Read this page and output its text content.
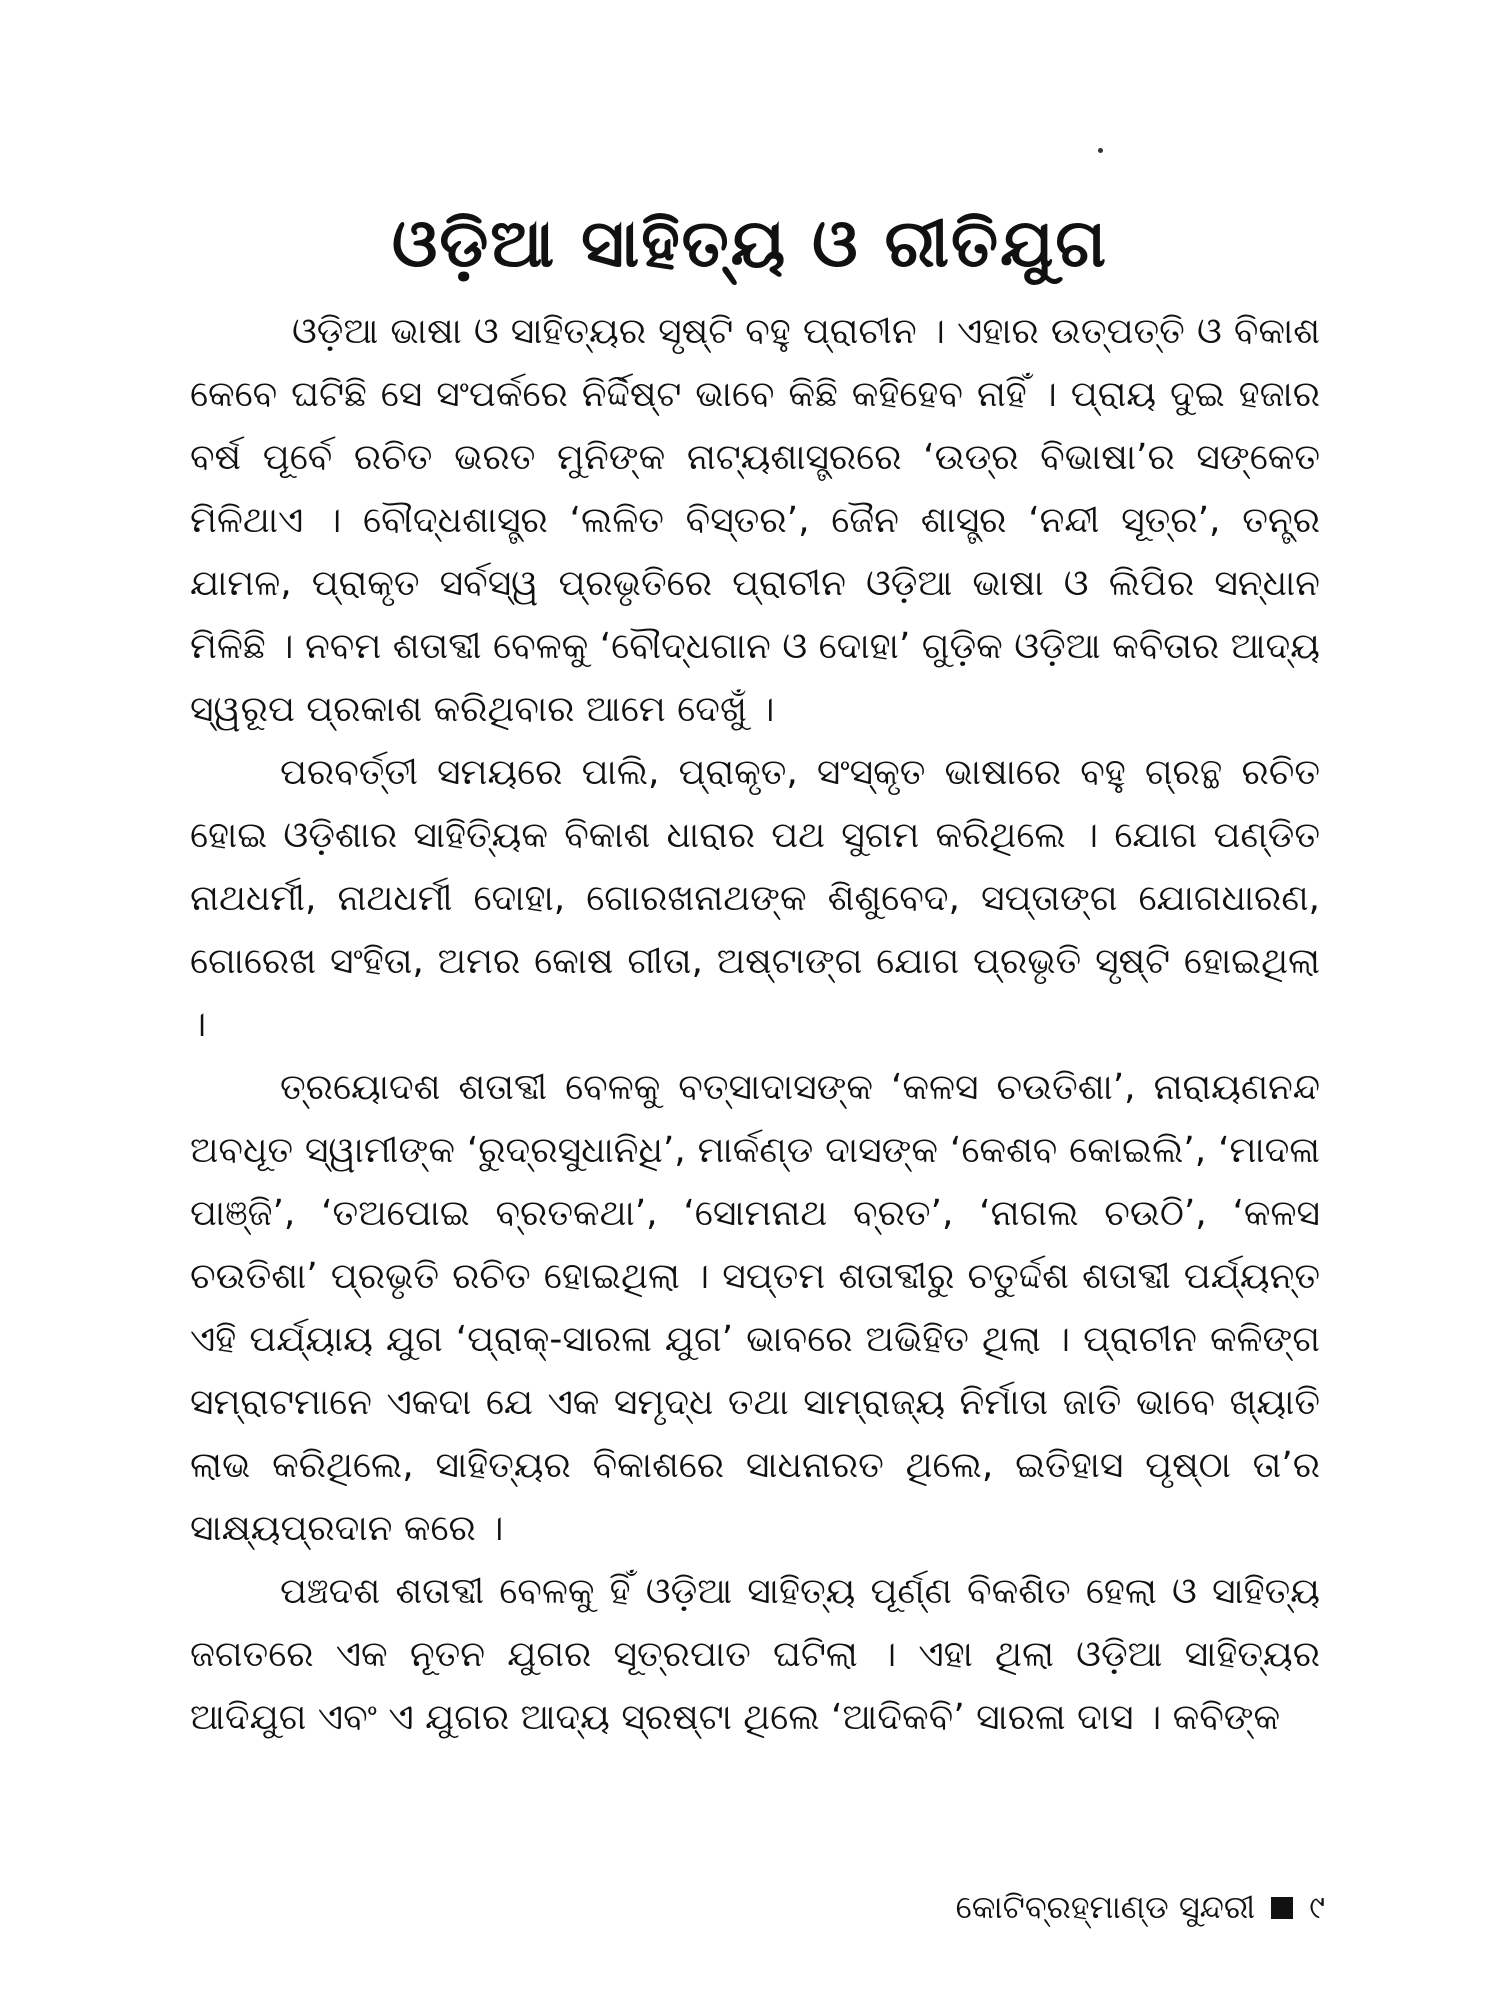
ଓଡ଼ିଆ ସାହିତ୍ୟ ଓ ରୀତିଯୁଗ

ଓଡ଼ିଆ ଭାଷା ଓ ସାହିତ୍ୟର ସୃଷ୍ଟି ବହୁ ପ୍ରାଚୀନ । ଏହାର ଉତ୍ପତ୍ତି ଓ ବିକାଶ କେବେ ଘଟିଛି ସେ ସଂପର୍କରେ ନିର୍ଦ୍ଦିଷ୍ଟ ଭାବେ କିଛି କହିହେବ ନାହିଁ । ପ୍ରାୟ ଦୁଇ ହଜାର ବର୍ଷ ପୂର୍ବେ ରଚିତ ଭରତ ମୁନିଙ୍କ ନାଟ୍ୟଶାସ୍ତ୍ରରେ ‘ଉଡ୍ର ବିଭାଷା’ର ସଙ୍କେତ ମିଳିଥାଏ । ବୌଦ୍ଧଶାସ୍ତ୍ର ‘ଲଳିତ ବିସ୍ତର’, ଜୈନ ଶାସ୍ତ୍ର ‘ନନ୍ଦୀ ସୂତ୍ର’, ତନ୍ତ୍ର ଯାମଳ, ପ୍ରାକୃତ ସର୍ବସ୍ୱ ପ୍ରଭୃତିରେ ପ୍ରାଚୀନ ଓଡ଼ିଆ ଭାଷା ଓ ଲିପିର ସନ୍ଧାନ ମିଳିଛି । ନବମ ଶତାବ୍ଦୀ ବେଳକୁ ‘ବୌଦ୍ଧଗାନ ଓ ଦୋହା’ ଗୁଡ଼ିକ ଓଡ଼ିଆ କବିତାର ଆଦ୍ୟ ସ୍ୱରୂପ ପ୍ରକାଶ କରିଥିବାର ଆମେ ଦେଖୁଁ ।

ପରବର୍ତ୍ତୀ ସମୟରେ ପାଲି, ପ୍ରାକୃତ, ସଂସ୍କୃତ ଭାଷାରେ ବହୁ ଗ୍ରନ୍ଥ ରଚିତ ହୋଇ ଓଡ଼ିଶାର ସାହିତ୍ୟିକ ବିକାଶ ଧାରାର ପଥ ସୁଗମ କରିଥିଲେ । ଯୋଗ ପଣ୍ଡିତ ନାଥଧର୍ମୀ, ନାଥଧର୍ମୀ ଦୋହା, ଗୋରଖନାଥଙ୍କ ଶିଶୁବେଦ, ସପ୍ତାଙ୍ଗ ଯୋଗଧାରଣ, ଗୋରେଖ ସଂହିତା, ଅମର କୋଷ ଗୀତା, ଅଷ୍ଟାଙ୍ଗ ଯୋଗ ପ୍ରଭୃତି ସୃଷ୍ଟି ହୋଇଥିଲା ।

ତ୍ରୟୋଦଶ ଶତାବ୍ଦୀ ବେଳକୁ ବତ୍ସାଦାସଙ୍କ ‘କଳସ ଚଉତିଶା’, ନାରାୟଣନନ୍ଦ ଅବଧୂତ ସ୍ୱାମୀଙ୍କ ‘ରୁଦ୍ରସୁଧାନିଧି’, ମାର୍କଣ୍ଡ ଦାସଙ୍କ ‘କେଶବ କୋଇଲି’, ‘ମାଦଳା ପାଞ୍ଜି’, ‘ତଅପୋଇ ବ୍ରତକଥା’, ‘ସୋମନାଥ ବ୍ରତ’, ‘ନାଗଲ ଚଉଠି’, ‘କଳସ ଚଉତିଶା’ ପ୍ରଭୃତି ରଚିତ ହୋଇଥିଲା । ସପ୍ତମ ଶତାବ୍ଦୀରୁ ଚତୁର୍ଦ୍ଦଶ ଶତାବ୍ଦୀ ପର୍ଯ୍ୟନ୍ତ ଏହି ପର୍ଯ୍ୟାୟ ଯୁଗ ‘ପ୍ରାକ୍-ସାରଳା ଯୁଗ’ ଭାବରେ ଅଭିହିତ ଥିଲା । ପ୍ରାଚୀନ କଳିଙ୍ଗ ସମ୍ରାଟମାନେ ଏକଦା ଯେ ଏକ ସମୃଦ୍ଧ ତଥା ସାମ୍ରାଜ୍ୟ ନିର୍ମାତା ଜାତି ଭାବେ ଖ୍ୟାତି ଲାଭ କରିଥିଲେ, ସାହିତ୍ୟର ବିକାଶରେ ସାଧନାରତ ଥିଲେ, ଇତିହାସ ପୃଷ୍ଠା ତା’ର ସାକ୍ଷ୍ୟପ୍ରଦାନ କରେ ।

ପଞ୍ଚଦଶ ଶତାବ୍ଦୀ ବେଳକୁ ହିଁ ଓଡ଼ିଆ ସାହିତ୍ୟ ପୂର୍ଣ୍ଣ ବିକଶିତ ହେଲା ଓ ସାହିତ୍ୟ ଜଗତରେ ଏକ ନୂତନ ଯୁଗର ସୂତ୍ରପାତ ଘଟିଲା । ଏହା ଥିଲା ଓଡ଼ିଆ ସାହିତ୍ୟର ଆଦିଯୁଗ ଏବଂ ଏ ଯୁଗର ଆଦ୍ୟ ସ୍ରଷ୍ଟା ଥିଲେ ‘ଆଦିକବି’ ସାରଳା ଦାସ । କବିଙ୍କ

କୋଟିବ୍ରହ୍ମାଣ୍ଡ ସୁନ୍ଦରୀ ୯
